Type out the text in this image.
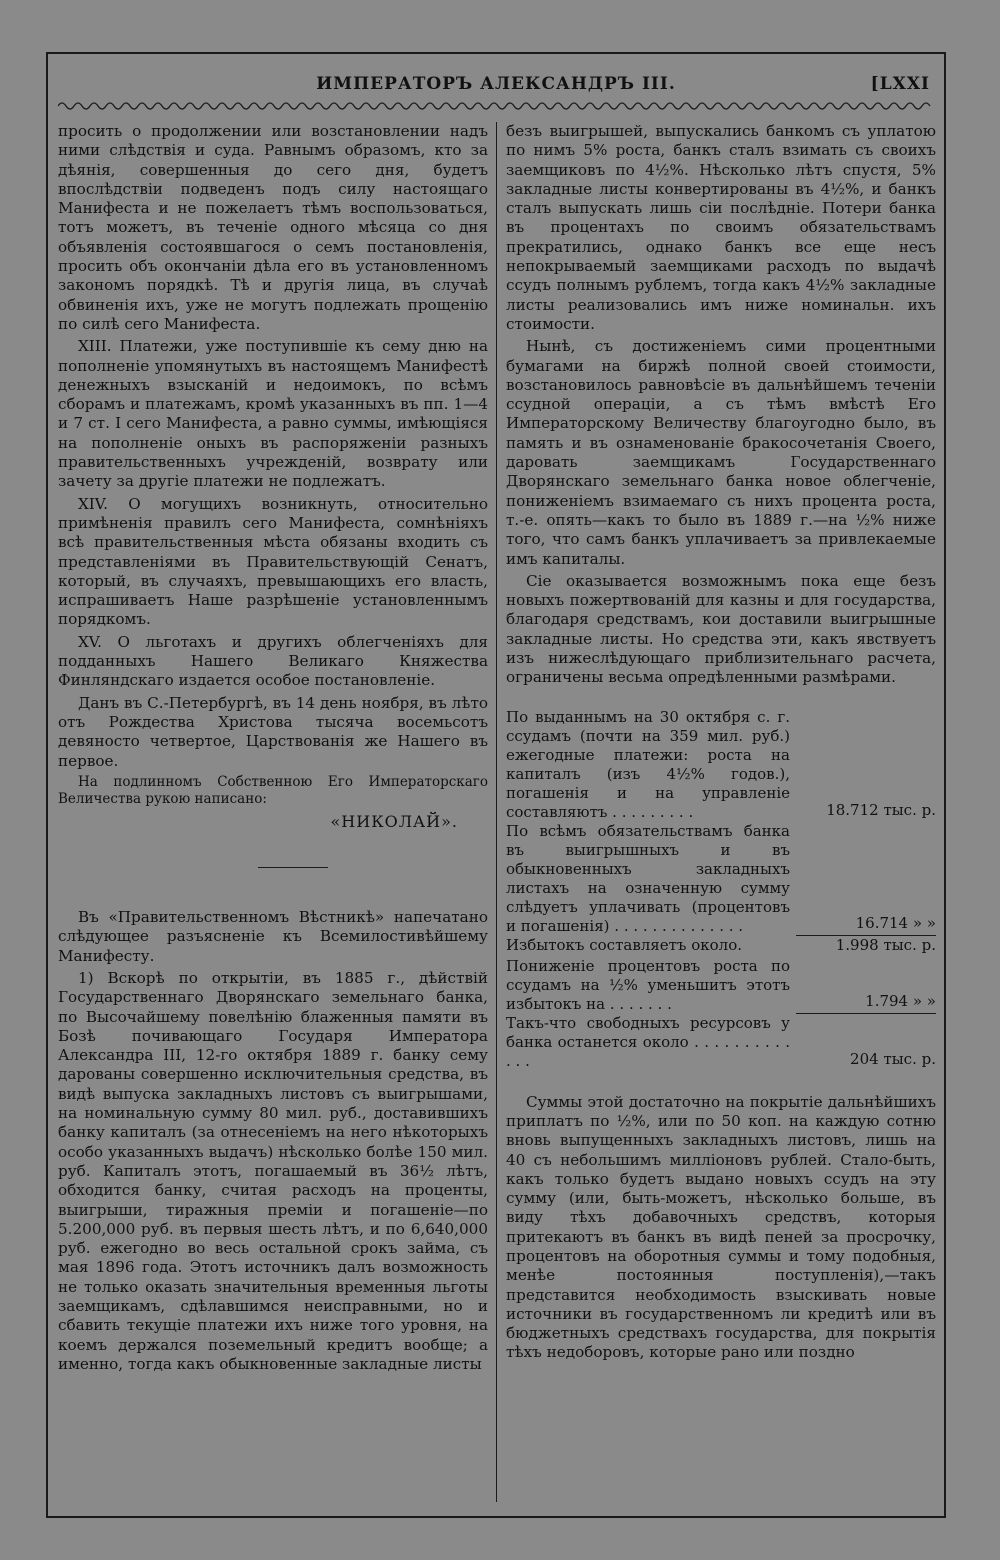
ИМПЕРАТОРЪ АЛЕКСАНДРЪ III.	[LXXI

просить о продолжении или возстановлении надъ ними слѣдствія и суда. Равнымъ образомъ, кто за дѣянія, совершенныя до сего дня, будетъ впослѣдствіи подведенъ подъ силу настоящаго Манифеста и не пожелаетъ тѣмъ воспользоваться, тотъ можетъ, въ теченіе одного мѣсяца со дня объявленія состоявшагося о семъ постановленія, просить объ окончаніи дѣла его въ установленномъ закономъ порядкѣ. Тѣ и другія лица, въ случаѣ обвиненія ихъ, уже не могутъ подлежать прощенію по силѣ сего Манифеста.

XIII. Платежи, уже поступившіе къ сему дню на пополненіе упомянутыхъ въ настоящемъ Манифестѣ денежныхъ взысканій и недоимокъ, по всѣмъ сборамъ и платежамъ, кромѣ указанныхъ въ пп. 1—4 и 7 ст. I сего Манифеста, а равно суммы, имѣющіяся на пополненіе оныхъ въ распоряженіи разныхъ правительственныхъ учрежденій, возврату или зачету за другіе платежи не подлежатъ.

XIV. О могущихъ возникнуть, относительно примѣненія правилъ сего Манифеста, сомнѣніяхъ всѣ правительственныя мѣста обязаны входить съ представленіями въ Правительствующій Сенатъ, который, въ случаяхъ, превышающихъ его власть, испрашиваетъ Наше разрѣшеніе установленнымъ порядкомъ.

XV. О льготахъ и другихъ облегченіяхъ для подданныхъ Нашего Великаго Княжества Финляндскаго издается особое постановленіе.

Данъ въ С.-Петербургѣ, въ 14 день ноября, въ лѣто отъ Рождества Христова тысяча восемьсотъ девяносто четвертое, Царствованія же Нашего въ первое.

На подлинномъ Собственною Его Императорскаго Величества рукою написано:

«НИКОЛАЙ».

Въ «Правительственномъ Вѣстникѣ» напечатано слѣдующее разъясненіе къ Всемилостивѣйшему Манифесту.

1) Вскорѣ по открытіи, въ 1885 г., дѣйствій Государственнаго Дворянскаго земельнаго банка, по Высочайшему повелѣнію блаженныя памяти въ Бозѣ почивающаго Государя Императора Александра III, 12-го октября 1889 г. банку сему дарованы совершенно исключительныя средства, въ видѣ выпуска закладныхъ листовъ съ выигрышами, на номинальную сумму 80 мил. руб., доставившихъ банку капиталъ (за отнесеніемъ на него нѣкоторыхъ особо указанныхъ выдачъ) нѣсколько болѣе 150 мил. руб. Капиталъ этотъ, погашаемый въ 36½ лѣтъ, обходится банку, считая расходъ на проценты, выигрыши, тиражныя преміи и погашеніе—по 5.200,000 руб. въ первыя шесть лѣтъ, и по 6,640,000 руб. ежегодно во весь остальной срокъ займа, съ мая 1896 года. Этотъ источникъ далъ возможность не только оказать значительныя временныя льготы заемщикамъ, сдѣлавшимся неисправными, но и сбавить текущіе платежи ихъ ниже того уровня, на коемъ держался поземельный кредитъ вообще; а именно, тогда какъ обыкновенные закладные листы

безъ выигрышей, выпускались банкомъ съ уплатою по нимъ 5% роста, банкъ сталъ взимать съ своихъ заемщиковъ по 4½%. Нѣсколько лѣтъ спустя, 5% закладные листы конвертированы въ 4½%, и банкъ сталъ выпускать лишь сіи послѣдніе. Потери банка въ процентахъ по своимъ обязательствамъ прекратились, однако банкъ все еще несъ непокрываемый заемщиками расходъ по выдачѣ ссудъ полнымъ рублемъ, тогда какъ 4½% закладные листы реализовались имъ ниже номинальн. ихъ стоимости.

Нынѣ, съ достиженіемъ сими процентными бумагами на биржѣ полной своей стоимости, возстановилось равновѣсіе въ дальнѣйшемъ теченіи ссудной операціи, а съ тѣмъ вмѣстѣ Его Императорскому Величеству благоугодно было, въ память и въ ознаменованіе бракосочетанія Своего, даровать заемщикамъ Государственнаго Дворянскаго земельнаго банка новое облегченіе, пониженіемъ взимаемаго съ нихъ процента роста, т.-е. опять—какъ то было въ 1889 г.—на ½% ниже того, что самъ банкъ уплачиваетъ за привлекаемые имъ капиталы.

Сіе оказывается возможнымъ пока еще безъ новыхъ пожертвованій для казны и для государства, благодаря средствамъ, кои доставили выигрышные закладные листы. Но средства эти, какъ явствуетъ изъ нижеслѣдующаго приблизительнаго расчета, ограничены весьма опредѣленными размѣрами.

По выданнымъ на 30 октября с. г. ссудамъ (почти на 359 мил. руб.) ежегодные платежи: роста на капиталъ (изъ 4½% годов.), погашенія и на управленіе составляютъ . . . . . . . . .	18.712 тыс. р.
По всѣмъ обязательствамъ банка въ выигрышныхъ и въ обыкновенныхъ закладныхъ листахъ на означенную сумму слѣдуетъ уплачивать (процентовъ и погашенія) . . . . . . . . . . . . . .	16.714 » »
Избытокъ составляетъ около.	1.998 тыс. р.
Пониженіе процентовъ роста по ссудамъ на ½% уменьшитъ этотъ избытокъ на . . . . . . .	1.794 » »
Такъ-что свободныхъ ресурсовъ у банка останется около . . . . . . . . . . . . .	204 тыс. р.

Суммы этой достаточно на покрытіе дальнѣйшихъ приплатъ по ½%, или по 50 коп. на каждую сотню вновь выпущенныхъ закладныхъ листовъ, лишь на 40 съ небольшимъ милліоновъ рублей. Стало-быть, какъ только будетъ выдано новыхъ ссудъ на эту сумму (или, быть-можетъ, нѣсколько больше, въ виду тѣхъ добавочныхъ средствъ, которыя притекаютъ въ банкъ въ видѣ пеней за просрочку, процентовъ на оборотныя суммы и тому подобныя, менѣе постоянныя поступленія),—такъ представится необходимость взыскивать новые источники въ государственномъ ли кредитѣ или въ бюджетныхъ средствахъ государства, для покрытія тѣхъ недоборовъ, которые рано или поздно
